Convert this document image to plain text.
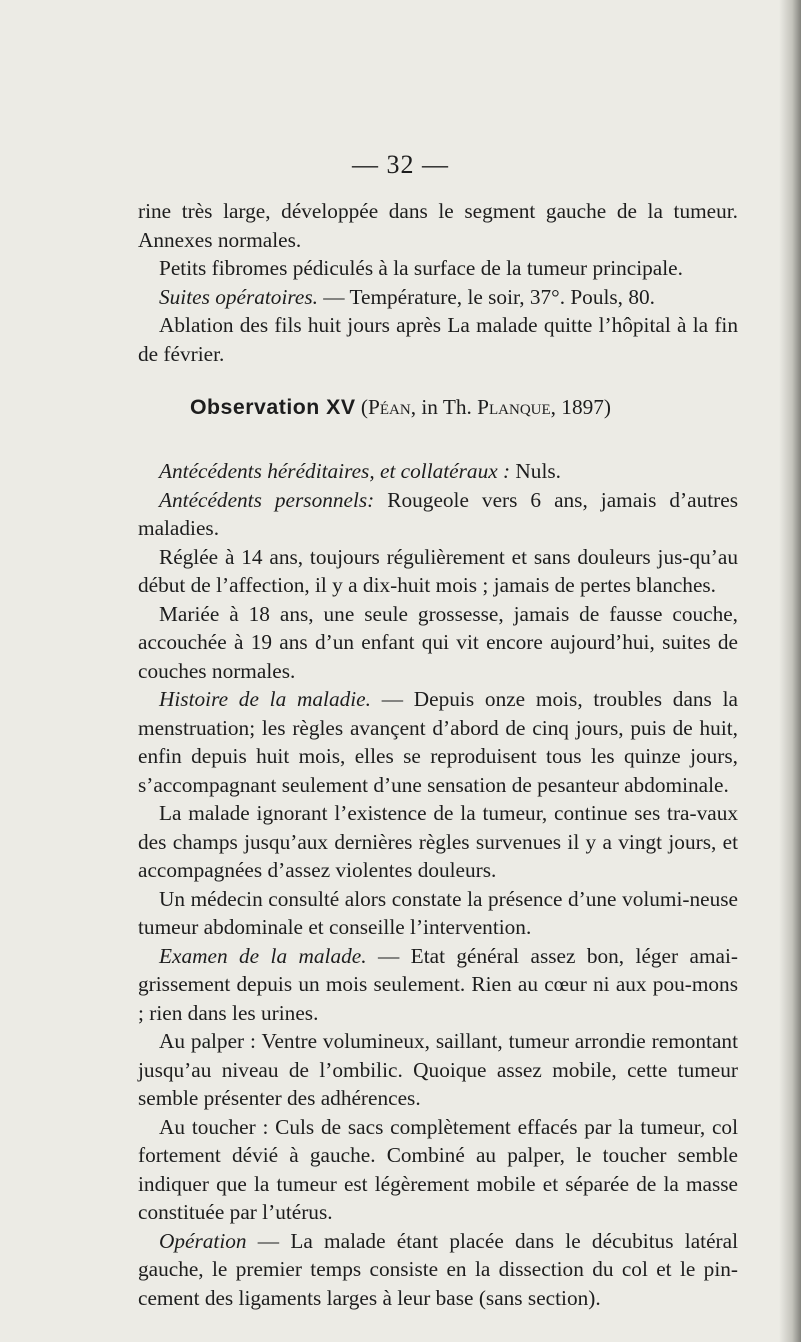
— 32 —

rine très large, développée dans le segment gauche de la tumeur. Annexes normales.

Petits fibromes pédiculés à la surface de la tumeur principale.

Suites opératoires. — Température, le soir, 37°. Pouls, 80.

Ablation des fils huit jours après La malade quitte l’hôpital à la fin de février.

Observation XV (Péan, in Th. Planque, 1897)

Antécédents héréditaires, et collatéraux : Nuls.

Antécédents personnels: Rougeole vers 6 ans, jamais d’autres maladies.

Réglée à 14 ans, toujours régulièrement et sans douleurs jus-qu’au début de l’affection, il y a dix-huit mois ; jamais de pertes blanches.

Mariée à 18 ans, une seule grossesse, jamais de fausse couche, accouchée à 19 ans d’un enfant qui vit encore aujourd’hui, suites de couches normales.

Histoire de la maladie. — Depuis onze mois, troubles dans la menstruation; les règles avançent d’abord de cinq jours, puis de huit, enfin depuis huit mois, elles se reproduisent tous les quinze jours, s’accompagnant seulement d’une sensation de pesanteur abdominale.

La malade ignorant l’existence de la tumeur, continue ses tra-vaux des champs jusqu’aux dernières règles survenues il y a vingt jours, et accompagnées d’assez violentes douleurs.

Un médecin consulté alors constate la présence d’une volumi-neuse tumeur abdominale et conseille l’intervention.

Examen de la malade. — Etat général assez bon, léger amai-grissement depuis un mois seulement. Rien au cœur ni aux pou-mons ; rien dans les urines.

Au palper : Ventre volumineux, saillant, tumeur arrondie remontant jusqu’au niveau de l’ombilic. Quoique assez mobile, cette tumeur semble présenter des adhérences.

Au toucher : Culs de sacs complètement effacés par la tumeur, col fortement dévié à gauche. Combiné au palper, le toucher semble indiquer que la tumeur est légèrement mobile et séparée de la masse constituée par l’utérus.

Opération — La malade étant placée dans le décubitus latéral gauche, le premier temps consiste en la dissection du col et le pin-cement des ligaments larges à leur base (sans section).
